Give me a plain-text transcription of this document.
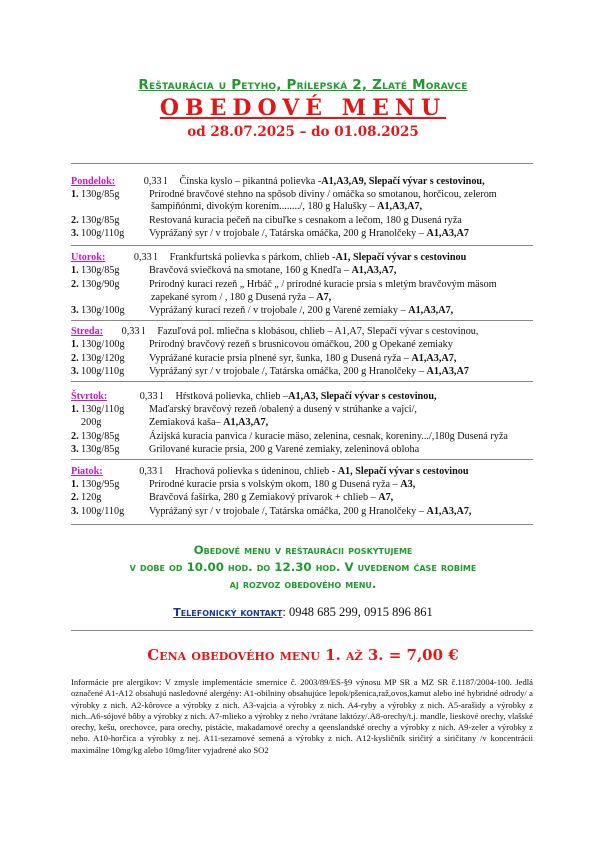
Reštaurácia u Petyho, Prílepská 2, Zlaté Moravce
OBEDOVÉ MENU
od 28.07.2025 – do 01.08.2025
Pondelok:	0,33 l Čínska kyslo – pikantná polievka -A1,A3,A9, Slepačí vývar s cestovinou,
1. 130g/85g	Prírodné bravčové stehno na spôsob diviny / omáčka so smotanou, horčicou, zelerom
šampiňónmi, divokým korením......../, 180 g Halušky – A1,A3,A7,
2. 130g/85g	Restovaná kuracia pečeň na cibuľke s cesnakom a lečom, 180 g Dusená ryža
3. 100g/110g Vyprážaný syr / v trojobale /, Tatárska omáčka, 200 g Hranolčeky – A1,A3,A7
Utorok:	0,33 l Frankfurtská polievka s párkom, chlieb -A1, Slepačí vývar s cestovinou
1. 130g/85g	Bravčová sviečková na smotane, 160 g Knedľa – A1,A3,A7,
2. 130g/90g	Prírodný kurací rezeň „ Hrbáč „ / prírodné kuracie prsia s mletým bravčovým mäsom
zapekané syrom / , 180 g Dusená ryža – A7,
3. 130g/100g Vyprážaný kurací rezeň / v trojobale /, 200 g Varené zemiaky – A1,A3,A7,
Streda: 0,33 l Fazuľová pol. mliečna s klobásou, chlieb – A1,A7, Slepačí vývar s cestovinou,
1. 130g/100g Prírodný bravčový rezeň s brusnicovou omáčkou, 200 g Opekané zemiaky
2. 130g/120g Vyprážané kuracie prsia plnené syr, šunka, 180 g Dusená ryža – A1,A3,A7,
3. 100g/110g Vyprážaný syr / v trojobale /, Tatárska omáčka, 200 g Hranolčeky – A1,A3,A7
Štvrtok:	0,33 l Hŕstková polievka, chlieb –A1,A3, Slepačí vývar s cestovinou,
1. 130g/110g Maďarský bravčový rezeň /obalený a dusený v strúhanke a vajci/,
200g	Zemiaková kaša– A1,A3,A7,
2. 130g/85g	Ázijská kuracia panvica / kuracie mäso, zelenina, cesnak, koreniny.../,180g Dusená ryža
3. 130g/85g	Grilované kuracie prsia, 200 g Varené zemiaky, zeleninová obloha
Piatok:	0,33 l Hrachová polievka s údeninou, chlieb - A1, Slepačí vývar s cestovinou
1. 130g/95g	Prírodné kuracie prsia s volským okom, 180 g Dusená ryža – A3,
2. 120g	Bravčová fašírka, 280 g Zemiakový prívarok + chlieb – A7,
3. 100g/110g Vyprážaný syr / v trojobale /, Tatárska omáčka, 200 g Hranolčeky – A1,A3,A7,
Obedové menu v reštaurácii poskytujeme
v dobe od 10.00 hod. do 12.30 hod. V uvedenom čase robíme
aj rozvoz obedového menu.
Telefonický kontakt: 0948 685 299, 0915 896 861
Cena obedového menu 1. až 3. = 7,00 €
Informácie pre alergikov: V zmysle implementácie smernice č. 2003/89/ES-§9 výnosu MP SR a MZ SR č.1187/2004-100. Jedlá označené A1-A12 obsahujú nasledovné alergény: A1-obilniny obsahujúce lepok/pšenica,raž,ovos,kamut alebo iné hybridné odrody/ a výrobky z nich. A2-kôrovce a výrobky z nich. A3-vajcia a výrobky z nich. A4-ryby a výrobky z nich. A5-arašidy a výrobky z nich..A6-sójové bôby a výrobky z nich. A7-mlieko a výrobky z neho /vrátane laktózy/.A8-orechy/t.j. mandle, lieskové orechy, vlašské orechy, kešu, orechovce, para orechy, pistácie, makadamové orechy a qeenslandské orechy a výrobky z nich. A9-zeler a výrobky z neho. A10-horčica a výrobky z nej. A11-sezamové semená a výrobky z nich. A12-kysličník siričitý a siričitany /v koncentrácii maximálne 10mg/kg alebo 10mg/liter vyjadrené ako SO2
